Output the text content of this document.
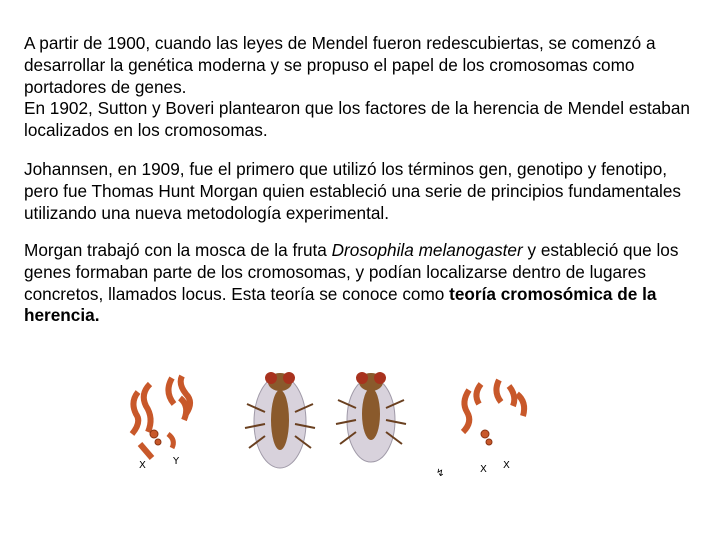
A partir de 1900, cuando las leyes de Mendel fueron redescubiertas, se comenzó a desarrollar la genética moderna y se propuso el papel de los cromosomas como portadores de genes.
En 1902, Sutton y Boveri plantearon que los factores de la herencia de Mendel estaban localizados en los cromosomas.

Johannsen, en 1909, fue el primero que utilizó los términos gen, genotipo y fenotipo, pero fue Thomas Hunt Morgan quien estableció una serie de principios fundamentales utilizando una nueva metodología experimental.

Morgan trabajó con la mosca de la fruta Drosophila melanogaster y estableció que los genes formaban parte de los cromosomas, y podían localizarse dentro de lugares concretos, llamados locus. Esta teoría se conoce como teoría cromosómica de la herencia.

X	Y
↯	X X
